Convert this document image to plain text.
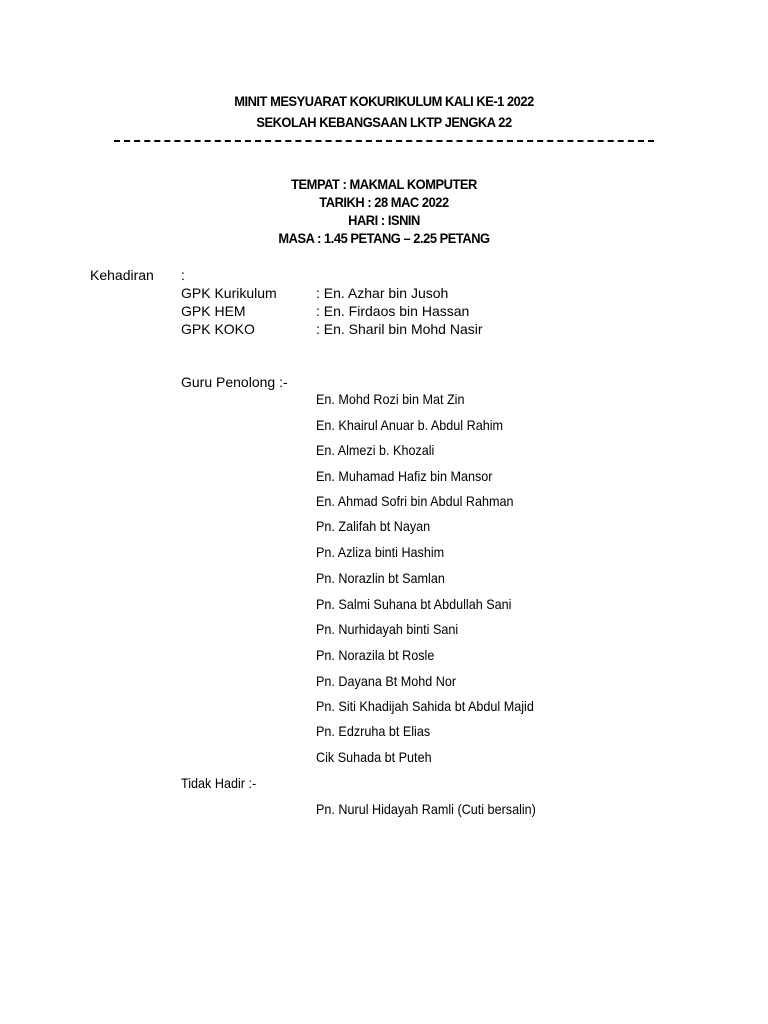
MINIT MESYUARAT KOKURIKULUM KALI KE-1 2022
SEKOLAH KEBANGSAAN LKTP JENGKA 22
TEMPAT : MAKMAL KOMPUTER
TARIKH : 28 MAC 2022
HARI : ISNIN
MASA : 1.45 PETANG – 2.25 PETANG
Kehadiran :
GPK Kurikulum	: En. Azhar bin Jusoh
GPK HEM	: En. Firdaos bin Hassan
GPK KOKO	: En. Sharil bin Mohd Nasir
Guru Penolong :-
En. Mohd Rozi bin Mat Zin
En. Khairul Anuar b. Abdul Rahim
En. Almezi b. Khozali
En. Muhamad Hafiz bin Mansor
En. Ahmad Sofri bin Abdul Rahman
Pn. Zalifah bt Nayan
Pn. Azliza binti Hashim
Pn. Norazlin bt Samlan
Pn. Salmi Suhana bt Abdullah Sani
Pn. Nurhidayah binti Sani
Pn. Norazila bt Rosle
Pn. Dayana Bt Mohd Nor
Pn. Siti Khadijah Sahida bt Abdul Majid
Pn. Edzruha bt Elias
Cik Suhada bt Puteh
Tidak Hadir :-
Pn. Nurul Hidayah Ramli (Cuti bersalin)
